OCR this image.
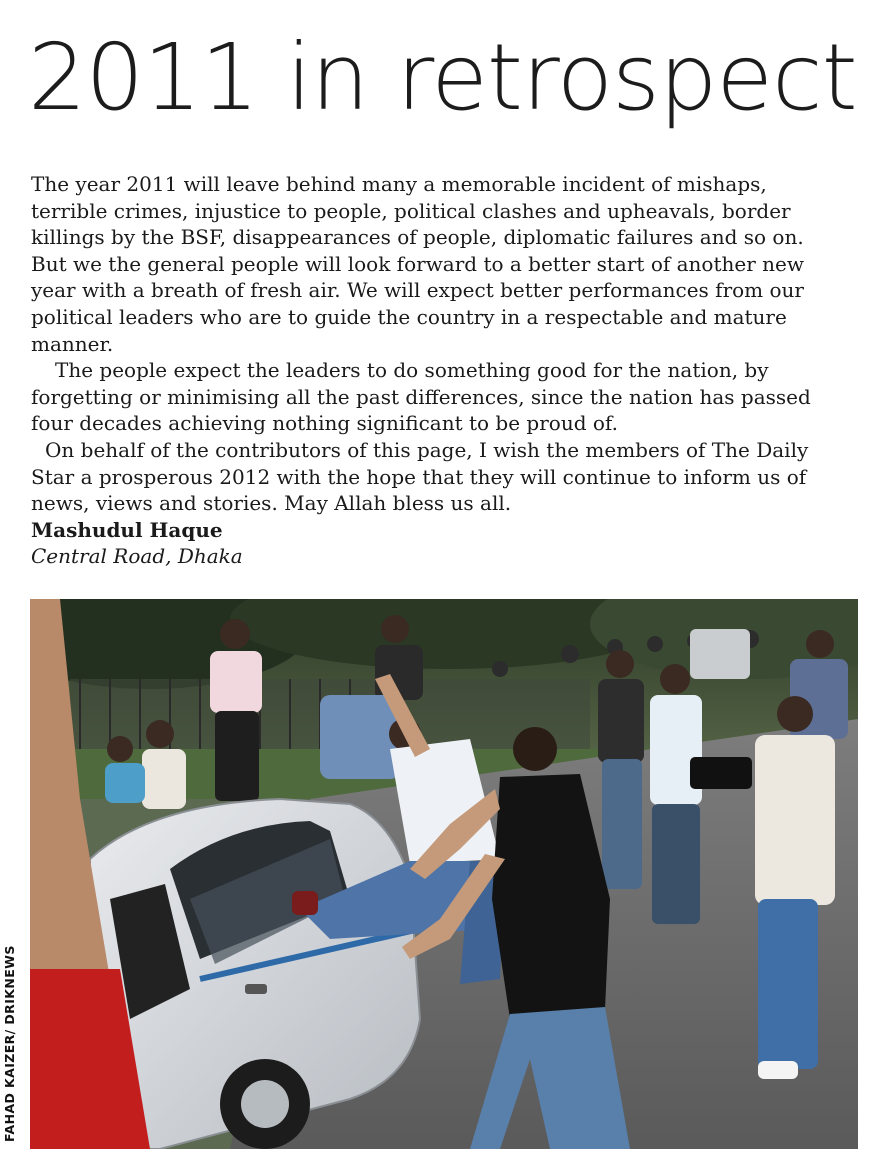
2011 in retrospect

The year 2011 will leave behind many a memorable incident of mishaps, terrible crimes, injustice to people, political clashes and upheavals, border killings by the BSF, disappearances of people, diplomatic failures and so on. But we the general people will look forward to a better start of another new year with a breath of fresh air. We will expect better performances from our political leaders who are to guide the country in a respectable and mature manner.

The people expect the leaders to do something good for the nation, by forgetting or minimising all the past differences, since the nation has passed four decades achieving nothing significant to be proud of.

On behalf of the contributors of this page, I wish the members of The Daily Star a prosperous 2012 with the hope that they will continue to inform us of news, views and stories. May Allah bless us all.

Mashudul Haque

Central Road, Dhaka

FAHAD KAIZER/ DRIKNEWS
